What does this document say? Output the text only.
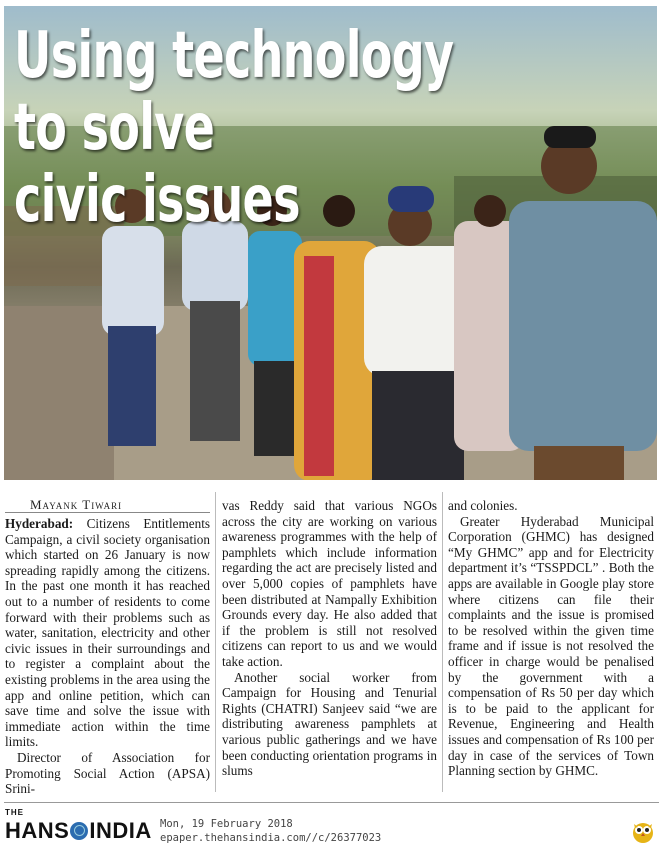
Using technology to solve
civic issues
Mayank Tiwari

Hyderabad: Citizens Entitlements Campaign, a civil society organisation which started on 26 January is now spreading rapidly among the citizens. In the past one month it has reached out to a number of residents to come forward with their problems such as water, sanitation, electricity and other civic issues in their surroundings and to register a complaint about the existing problems in the area using the app and online petition, which can save time and solve the issue with immediate action within the time limits.

Director of Association for Promoting Social Action (APSA) Srini-

vas Reddy said that various NGOs across the city are working on various awareness programmes with the help of pamphlets which include information regarding the act are precisely listed and over 5,000 copies of pamphlets have been distributed at Nampally Exhibition Grounds every day. He also added that if the problem is still not resolved citizens can report to us and we would take action.

Another social worker from Campaign for Housing and Tenurial Rights (CHATRI) Sanjeev said “we are distributing awareness pamphlets at various public gatherings and we have been conducting orientation programs in slums

and colonies.

Greater Hyderabad Municipal Corporation (GHMC) has designed “My GHMC” app and for Electricity department it’s “TSSPDCL” . Both the apps are available in Google play store where citizens can file their complaints and the issue is promised to be resolved within the given time frame and if issue is not resolved the officer in charge would be penalised by the government with a compensation of Rs 50 per day which is to be paid to the applicant for Revenue, Engineering and Health issues and compensation of Rs 100 per day in case of the services of Town Planning section by GHMC.

THE
HANS INDIA Mon, 19 February 2018
epaper.thehansindia.com//c/26377023
